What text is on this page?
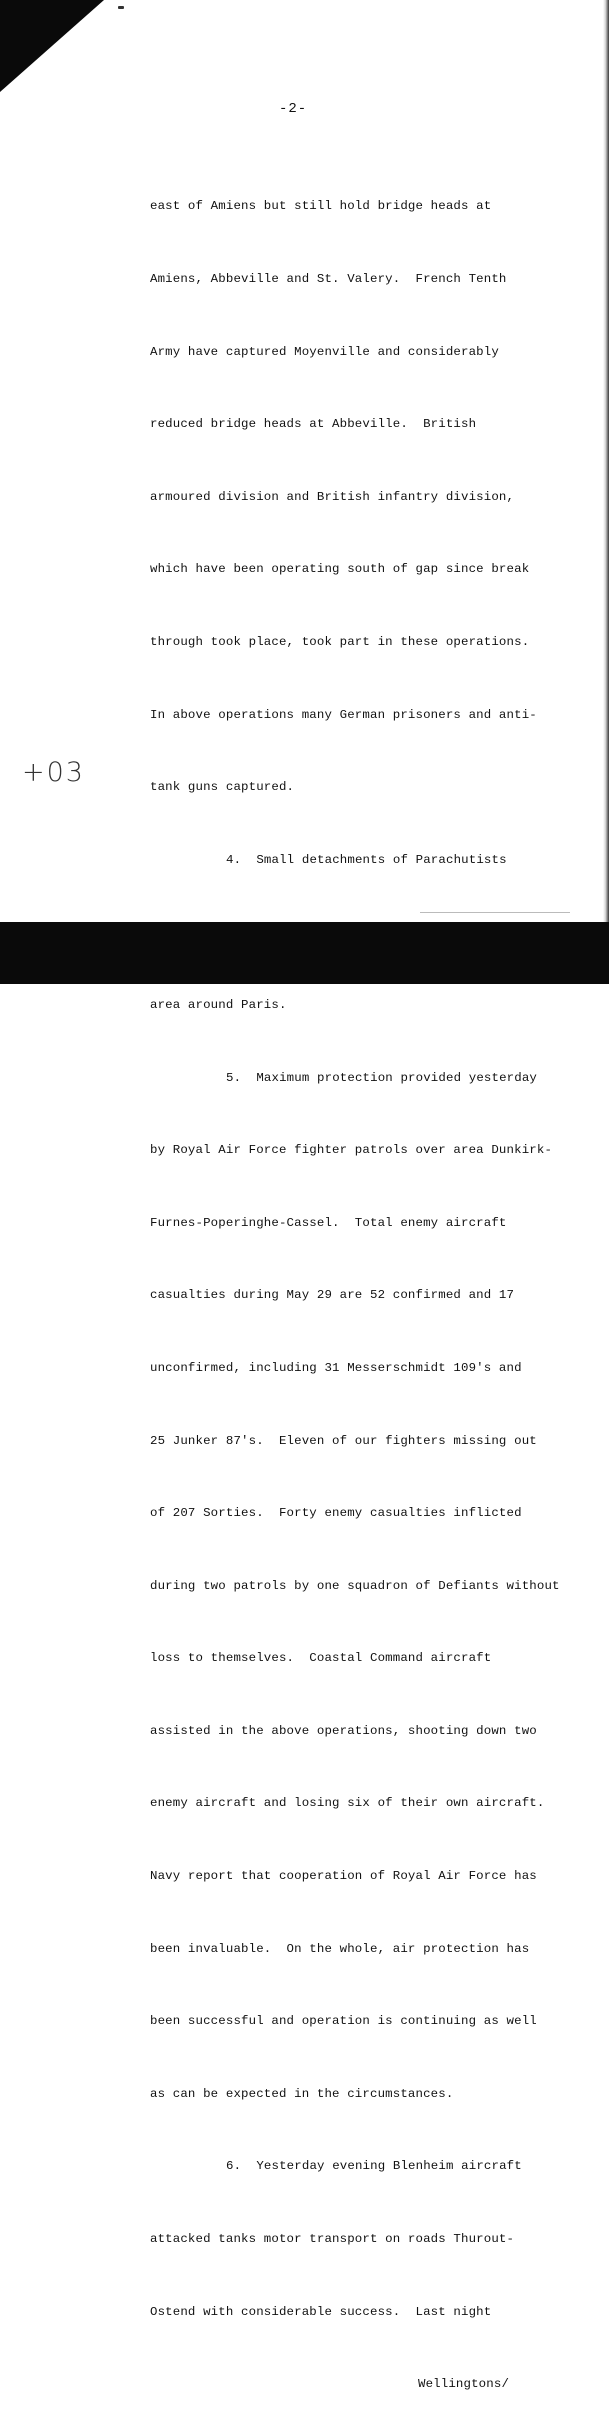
-2-

east of Amiens but still hold bridge heads at

Amiens, Abbeville and St. Valery.  French Tenth

Army have captured Moyenville and considerably

reduced bridge heads at Abbeville.  British

armoured division and British infantry division,

which have been operating south of gap since break

through took place, took part in these operations.

In above operations many German prisoners and anti-

tank guns captured.

4.  Small detachments of Parachutists

area around Paris.

5.  Maximum protection provided yesterday

by Royal Air Force fighter patrols over area Dunkirk-

Furnes-Poperinghe-Cassel.  Total enemy aircraft

casualties during May 29 are 52 confirmed and 17

unconfirmed, including 31 Messerschmidt 109's and

25 Junker 87's.  Eleven of our fighters missing out

of 207 Sorties.  Forty enemy casualties inflicted

during two patrols by one squadron of Defiants without

loss to themselves.  Coastal Command aircraft

assisted in the above operations, shooting down two

enemy aircraft and losing six of their own aircraft.

Navy report that cooperation of Royal Air Force has

been invaluable.  On the whole, air protection has

been successful and operation is continuing as well

as can be expected in the circumstances.

6.  Yesterday evening Blenheim aircraft

attacked tanks motor transport on roads Thurout-

Ostend with considerable success.  Last night

Wellingtons/

+03
